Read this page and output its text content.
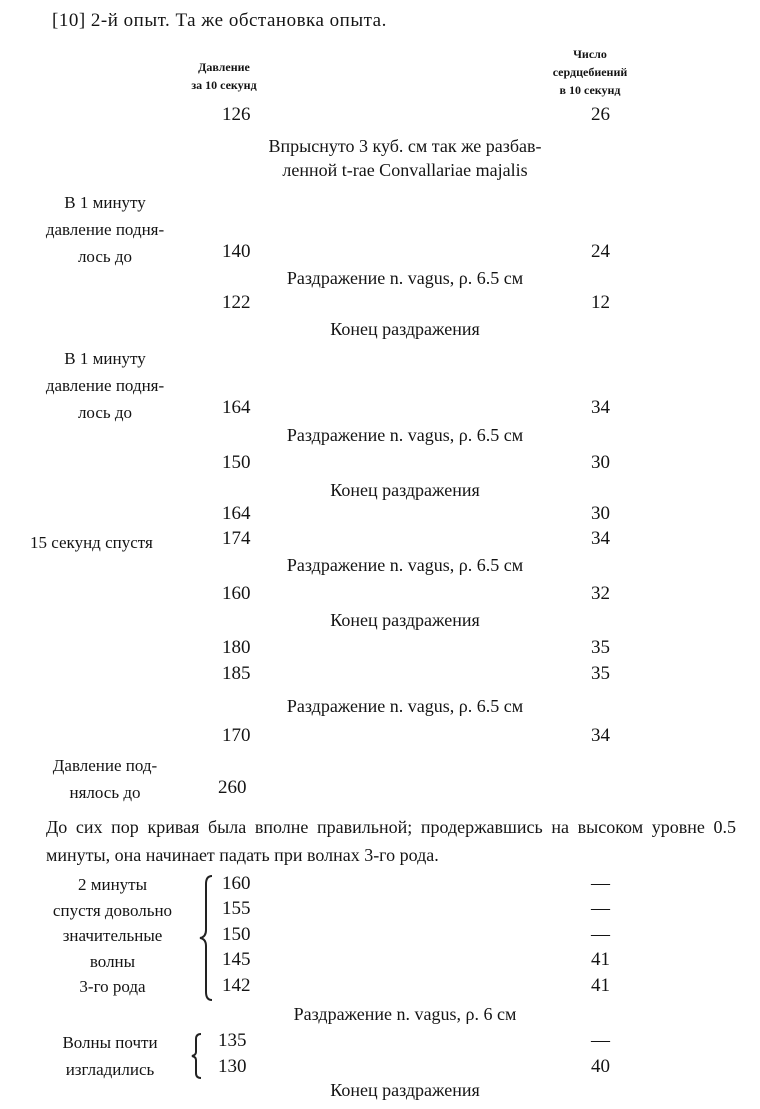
[10] 2-й опыт. Та же обстановка опыта.
Давление
за 10 секунд
Число
сердцебиений
в 10 секунд
126	26
Впрыснуто 3 куб. см так же разбав-
ленной t-rae Convallariae majalis
В 1 минуту
давление подня-
лось до	140	24
Раздражение n. vagus, ρ. 6.5 см
122	12
Конец раздражения
В 1 минуту
давление подня-
лось до	164	34
Раздражение n. vagus, ρ. 6.5 см
150	30
Конец раздражения
164	30
15 секунд спустя	174	34
Раздражение n. vagus, ρ. 6.5 см
160	32
Конец раздражения
180	35
185	35
Раздражение n. vagus, ρ. 6.5 см
170	34
Давление под-
нялось до	260
До сих пор кривая была вполне правильной; продержавшись на высоком уровне 0.5 минуты, она начинает падать при волнах 3-го рода.
2 минуты
спустя довольно
значительные
волны
3-го рода
160	—
155	—
150	—
145	41
142	41
Раздражение n. vagus, ρ. 6 см
Волны почти
изгладились
135	—
130	40
Конец раздражения
